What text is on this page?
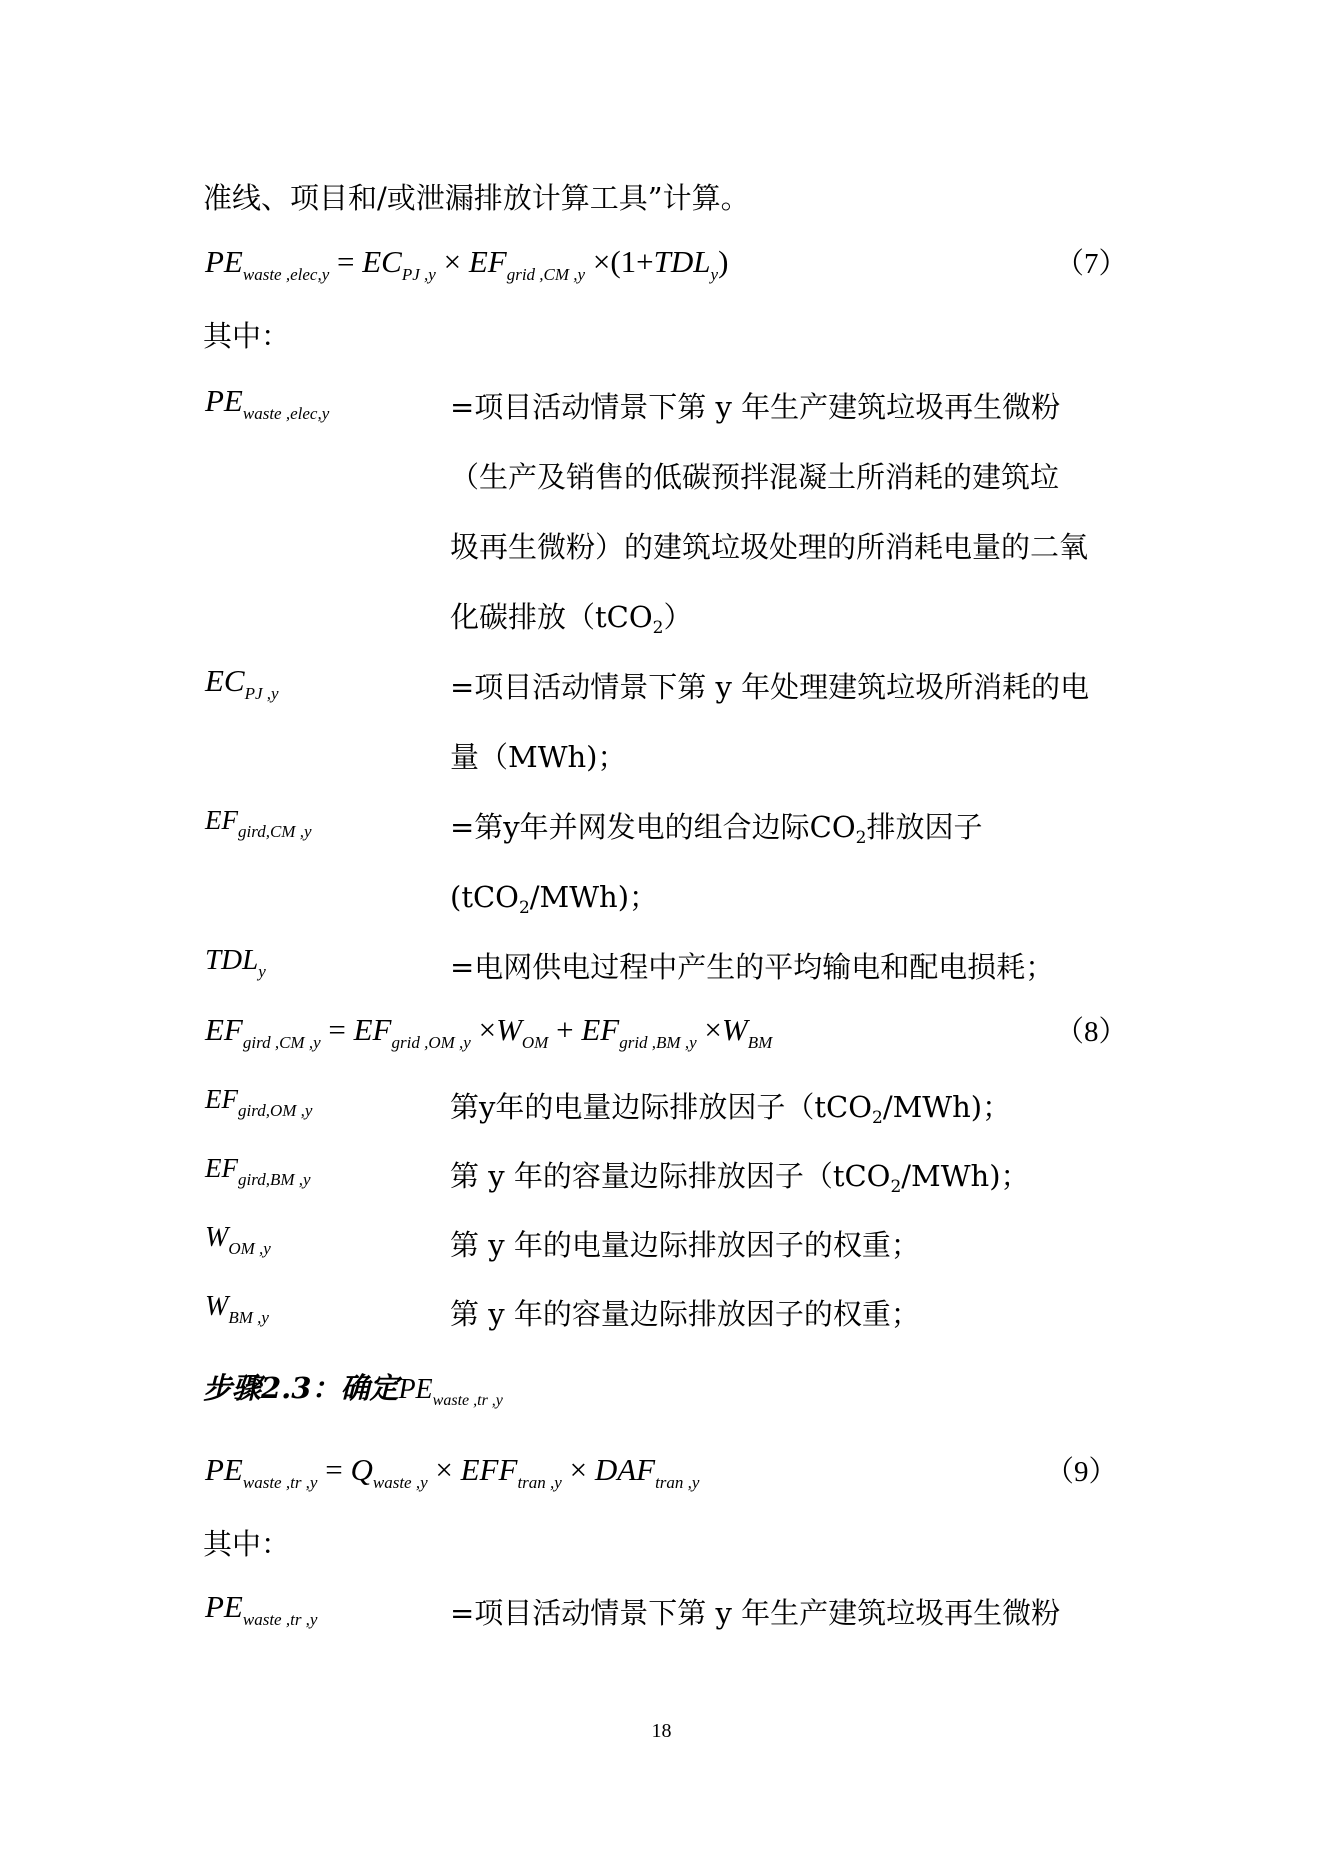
准线、项目和/或泄漏排放计算工具”计算。
$PE_{waste ,elec,y} = EC_{PJ ,y} \times EF_{grid ,CM ,y} \times(1+TDL_y)$	（7）
其中：
$PE_{waste ,elec,y}$	=项目活动情景下第 y 年生产建筑垃圾再生微粉
（生产及销售的低碳预拌混凝土所消耗的建筑垃
圾再生微粉）的建筑垃圾处理的所消耗电量的二氧
化碳排放（tCO$_2$）
$EC_{PJ ,y}$	=项目活动情景下第 y 年处理建筑垃圾所消耗的电
量（MWh)；
$EF_{gird,CM ,y}$	=第y年并网发电的组合边际$CO_2$排放因子
(tCO$_2$/MWh)；
$TDL_y$	=电网供电过程中产生的平均输电和配电损耗；
$EF_{gird ,CM ,y} = EF_{grid ,OM ,y} \times W_{OM} + EF_{grid ,BM ,y} \times W_{BM}$	（8）
$EF_{gird,OM ,y}$	第y年的电量边际排放因子（tCO$_2$/MWh)；
$EF_{gird,BM ,y}$	第 y 年的容量边际排放因子（tCO$_2$/MWh)；
$W_{OM ,y}$	第 y 年的电量边际排放因子的权重；
$W_{BM ,y}$	第 y 年的容量边际排放因子的权重；
步骤2.3：确定$PE_{waste ,tr ,y}$
$PE_{waste ,tr ,y} = Q_{waste ,y} \times EFF_{tran ,y} \times DAF_{tran ,y}$	（9）
其中：
$PE_{waste ,tr ,y}$	=项目活动情景下第 y 年生产建筑垃圾再生微粉
18
